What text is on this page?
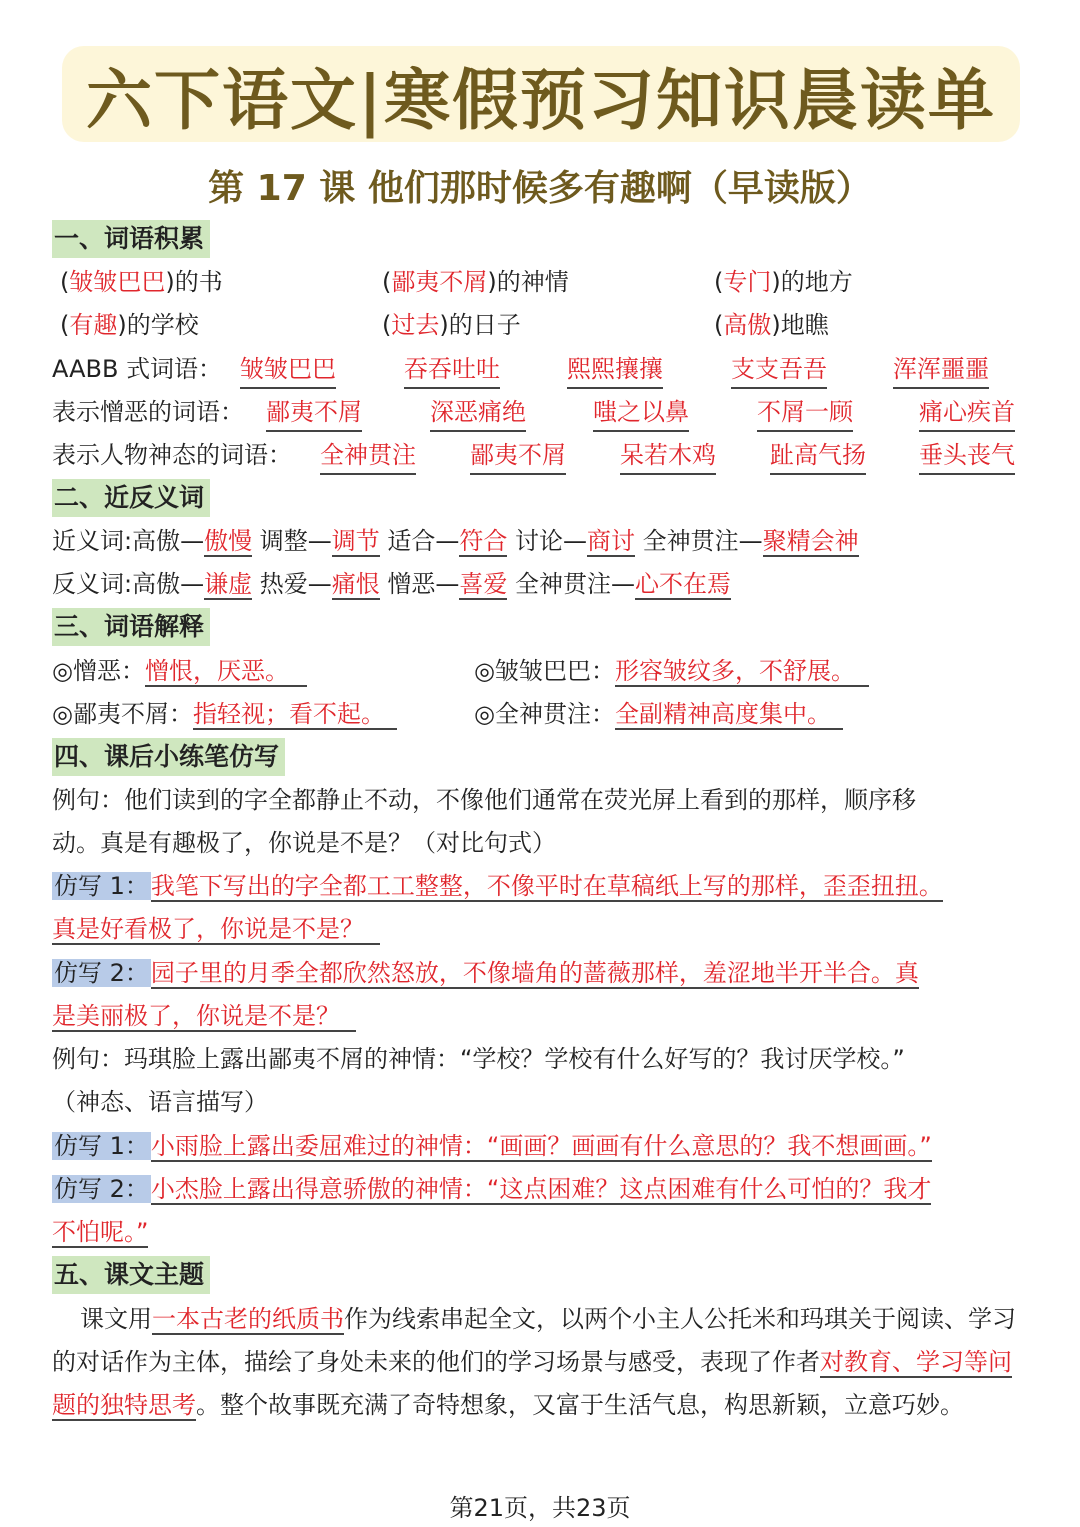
六下语文|寒假预习知识晨读单
第 17 课 他们那时候多有趣啊（早读版）
一、词语积累
(皱皱巴巴)的书	(鄙夷不屑)的神情	(专门)的地方
(有趣)的学校	(过去)的日子	(高傲)地瞧
AABB 式词语： 皱皱巴巴	吞吞吐吐	熙熙攘攘	支支吾吾	浑浑噩噩
表示憎恶的词语： 鄙夷不屑	深恶痛绝	嗤之以鼻	不屑一顾	痛心疾首
表示人物神态的词语： 全神贯注 鄙夷不屑 呆若木鸡 趾高气扬 垂头丧气
二、近反义词
近义词:高傲—傲慢 调整—调节 适合—符合 讨论—商讨 全神贯注—聚精会神
反义词:高傲—谦虚 热爱—痛恨 憎恶—喜爱 全神贯注—心不在焉
三、词语解释
◎憎恶：憎恨，厌恶。	◎皱皱巴巴：形容皱纹多，不舒展。
◎鄙夷不屑：指轻视；看不起。	◎全神贯注：全副精神高度集中。
四、课后小练笔仿写
例句：他们读到的字全都静止不动，不像他们通常在荧光屏上看到的那样，顺序移
动。真是有趣极了，你说是不是？（对比句式）
仿写 1：我笔下写出的字全都工工整整，不像平时在草稿纸上写的那样，歪歪扭扭。
真是好看极了，你说是不是？
仿写 2：园子里的月季全都欣然怒放，不像墙角的蔷薇那样，羞涩地半开半合。真
是美丽极了，你说是不是？
例句：玛琪脸上露出鄙夷不屑的神情：“学校？学校有什么好写的？我讨厌学校。”
（神态、语言描写）
仿写 1：小雨脸上露出委屈难过的神情：“画画？画画有什么意思的？我不想画画。”
仿写 2：小杰脸上露出得意骄傲的神情：“这点困难？这点困难有什么可怕的？我才
不怕呢。”
五、课文主题
课文用一本古老的纸质书作为线索串起全文，以两个小主人公托米和玛琪关于阅读、学习的对话作为主体，描绘了身处未来的他们的学习场景与感受，表现了作者对教育、学习等问题的独特思考。整个故事既充满了奇特想象，又富于生活气息，构思新颖，立意巧妙。
第21页，共23页
